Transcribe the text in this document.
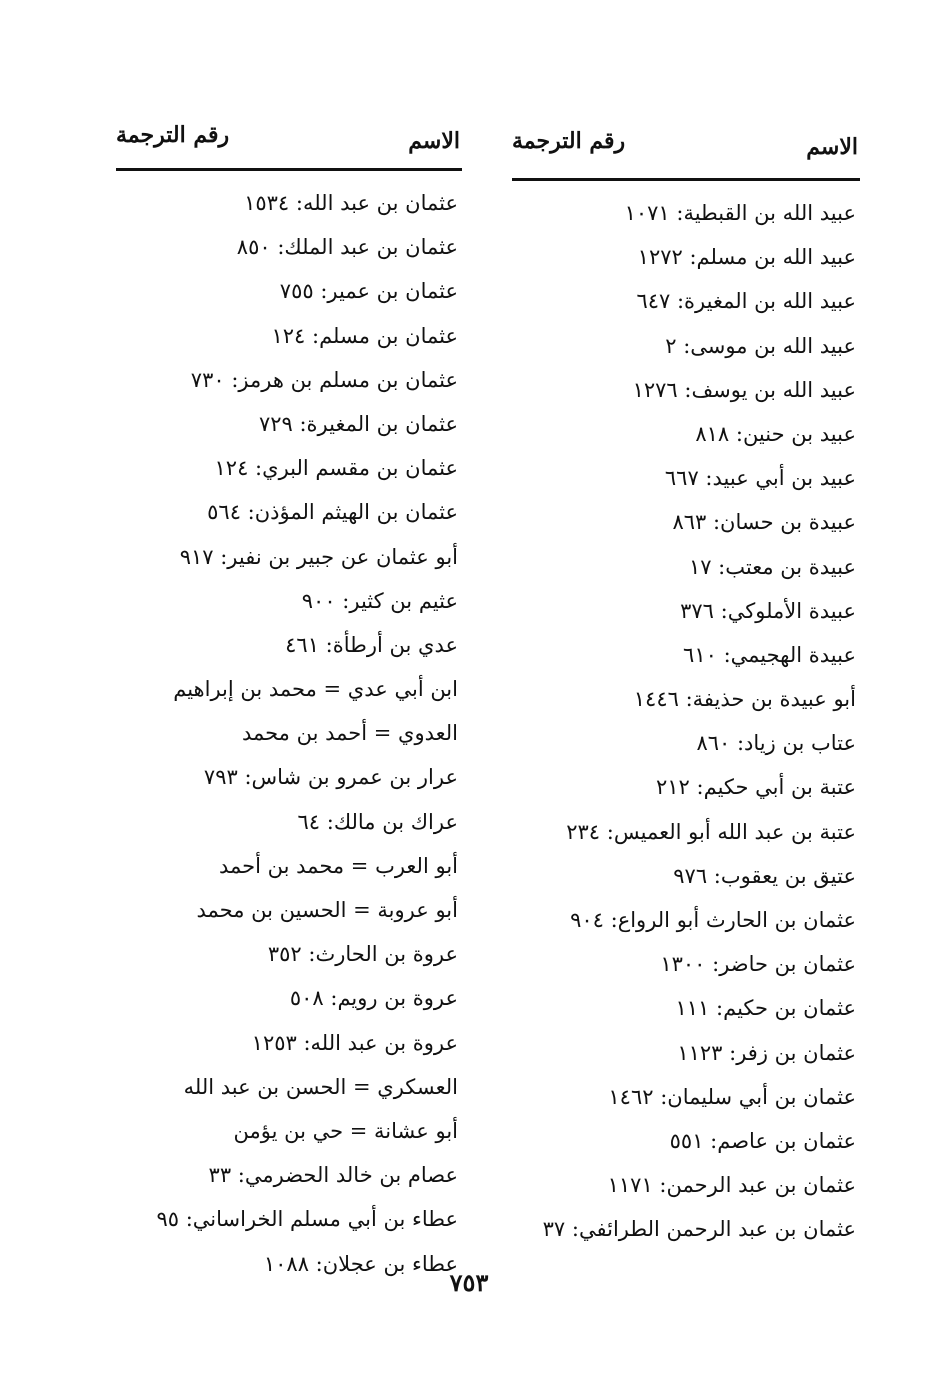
الاسم
رقم الترجمة
عبيد الله بن القبطية: ١٠٧١
عبيد الله بن مسلم: ١٢٧٢
عبيد الله بن المغيرة: ٦٤٧
عبيد الله بن موسى: ٢
عبيد الله بن يوسف: ١٢٧٦
عبيد بن حنين: ٨١٨
عبيد بن أبي عبيد: ٦٦٧
عبيدة بن حسان: ٨٦٣
عبيدة بن معتب: ١٧
عبيدة الأملوكي: ٣٧٦
عبيدة الهجيمي: ٦١٠
أبو عبيدة بن حذيفة: ١٤٤٦
عتاب بن زياد: ٨٦٠
عتبة بن أبي حكيم: ٢١٢
عتبة بن عبد الله أبو العميس: ٢٣٤
عتيق بن يعقوب: ٩٧٦
عثمان بن الحارث أبو الرواع: ٩٠٤
عثمان بن حاضر: ١٣٠٠
عثمان بن حكيم: ١١١
عثمان بن زفر: ١١٢٣
عثمان بن أبي سليمان: ١٤٦٢
عثمان بن عاصم: ٥٥١
عثمان بن عبد الرحمن: ١١٧١
عثمان بن عبد الرحمن الطرائفي: ٣٧
الاسم
رقم الترجمة
عثمان بن عبد الله: ١٥٣٤
عثمان بن عبد الملك: ٨٥٠
عثمان بن عمير: ٧٥٥
عثمان بن مسلم: ١٢٤
عثمان بن مسلم بن هرمز: ٧٣٠
عثمان بن المغيرة: ٧٢٩
عثمان بن مقسم البري: ١٢٤
عثمان بن الهيثم المؤذن: ٥٦٤
أبو عثمان عن جبير بن نفير: ٩١٧
عثيم بن كثير: ٩٠٠
عدي بن أرطأة: ٤٦١
ابن أبي عدي = محمد بن إبراهيم
العدوي = أحمد بن محمد
عرار بن عمرو بن شاس: ٧٩٣
عراك بن مالك: ٦٤
أبو العرب = محمد بن أحمد
أبو عروبة = الحسين بن محمد
عروة بن الحارث: ٣٥٢
عروة بن رويم: ٥٠٨
عروة بن عبد الله: ١٢٥٣
العسكري = الحسن بن عبد الله
أبو عشانة = حي بن يؤمن
عصام بن خالد الحضرمي: ٣٣
عطاء بن أبي مسلم الخراساني: ٩٥
عطاء بن عجلان: ١٠٨٨
٧٥٣
